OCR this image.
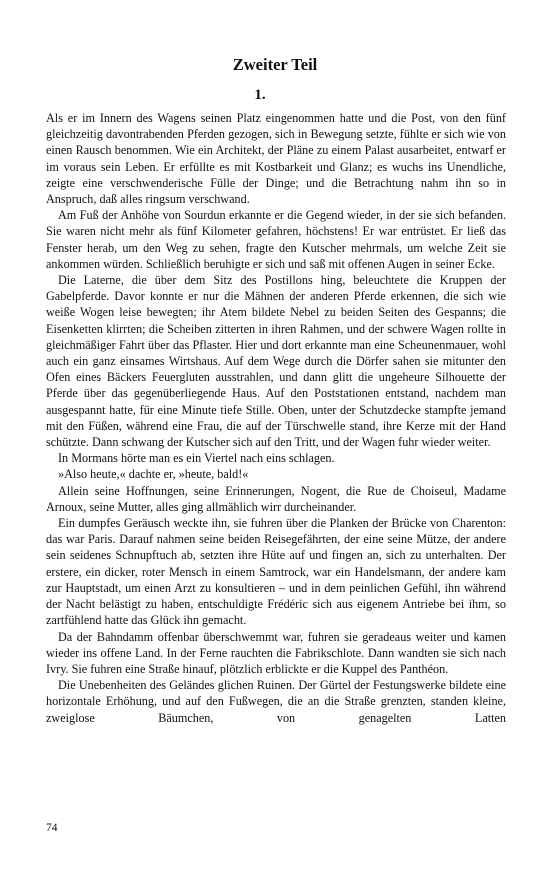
Zweiter Teil
1.

Als er im Innern des Wagens seinen Platz eingenommen hatte und die Post, von den fünf gleichzeitig davontrabenden Pferden gezogen, sich in Bewegung setzte, fühlte er sich wie von einen Rausch benommen. Wie ein Architekt, der Pläne zu einem Palast ausarbeitet, entwarf er im voraus sein Leben. Er erfüllte es mit Kostbarkeit und Glanz; es wuchs ins Unendliche, zeigte eine verschwenderische Fülle der Dinge; und die Betrachtung nahm ihn so in Anspruch, daß alles ringsum verschwand.

Am Fuß der Anhöhe von Sourdun erkannte er die Gegend wieder, in der sie sich befanden. Sie waren nicht mehr als fünf Kilometer gefahren, höchstens! Er war entrüstet. Er ließ das Fenster herab, um den Weg zu sehen, fragte den Kutscher mehrmals, um welche Zeit sie ankommen würden. Schließlich beruhigte er sich und saß mit offenen Augen in seiner Ecke.

Die Laterne, die über dem Sitz des Postillons hing, beleuchtete die Kruppen der Gabelpferde. Davor konnte er nur die Mähnen der anderen Pferde erkennen, die sich wie weiße Wogen leise bewegten; ihr Atem bildete Nebel zu beiden Seiten des Gespanns; die Eisenketten klirrten; die Scheiben zitterten in ihren Rahmen, und der schwere Wagen rollte in gleichmäßiger Fahrt über das Pflaster. Hier und dort erkannte man eine Scheunenmauer, wohl auch ein ganz einsames Wirtshaus. Auf dem Wege durch die Dörfer sahen sie mitunter den Ofen eines Bäckers Feuergluten ausstrahlen, und dann glitt die ungeheure Silhouette der Pferde über das gegenüberliegende Haus. Auf den Poststationen entstand, nachdem man ausgespannt hatte, für eine Minute tiefe Stille. Oben, unter der Schutzdecke stampfte jemand mit den Füßen, während eine Frau, die auf der Türschwelle stand, ihre Kerze mit der Hand schützte. Dann schwang der Kutscher sich auf den Tritt, und der Wagen fuhr wieder weiter.

In Mormans hörte man es ein Viertel nach eins schlagen.

»Also heute,« dachte er, »heute, bald!«

Allein seine Hoffnungen, seine Erinnerungen, Nogent, die Rue de Choiseul, Madame Arnoux, seine Mutter, alles ging allmählich wirr durcheinander.

Ein dumpfes Geräusch weckte ihn, sie fuhren über die Planken der Brücke von Charenton: das war Paris. Darauf nahmen seine beiden Reisegefährten, der eine seine Mütze, der andere sein seidenes Schnupftuch ab, setzten ihre Hüte auf und fingen an, sich zu unterhalten. Der erstere, ein dicker, roter Mensch in einem Samtrock, war ein Handelsmann, der andere kam zur Hauptstadt, um einen Arzt zu konsultieren – und in dem peinlichen Gefühl, ihn während der Nacht belästigt zu haben, entschuldigte Frédéric sich aus eigenem Antriebe bei ihm, so zartfühlend hatte das Glück ihn gemacht.

Da der Bahndamm offenbar überschwemmt war, fuhren sie geradeaus weiter und kamen wieder ins offene Land. In der Ferne rauchten die Fabrikschlote. Dann wandten sie sich nach Ivry. Sie fuhren eine Straße hinauf, plötzlich erblickte er die Kuppel des Panthéon.

Die Unebenheiten des Geländes glichen Ruinen. Der Gürtel der Festungswerke bildete eine horizontale Erhöhung, und auf den Fußwegen, die an die Straße grenzten, standen kleine, zweiglose Bäumchen, von genagelten Latten

74
